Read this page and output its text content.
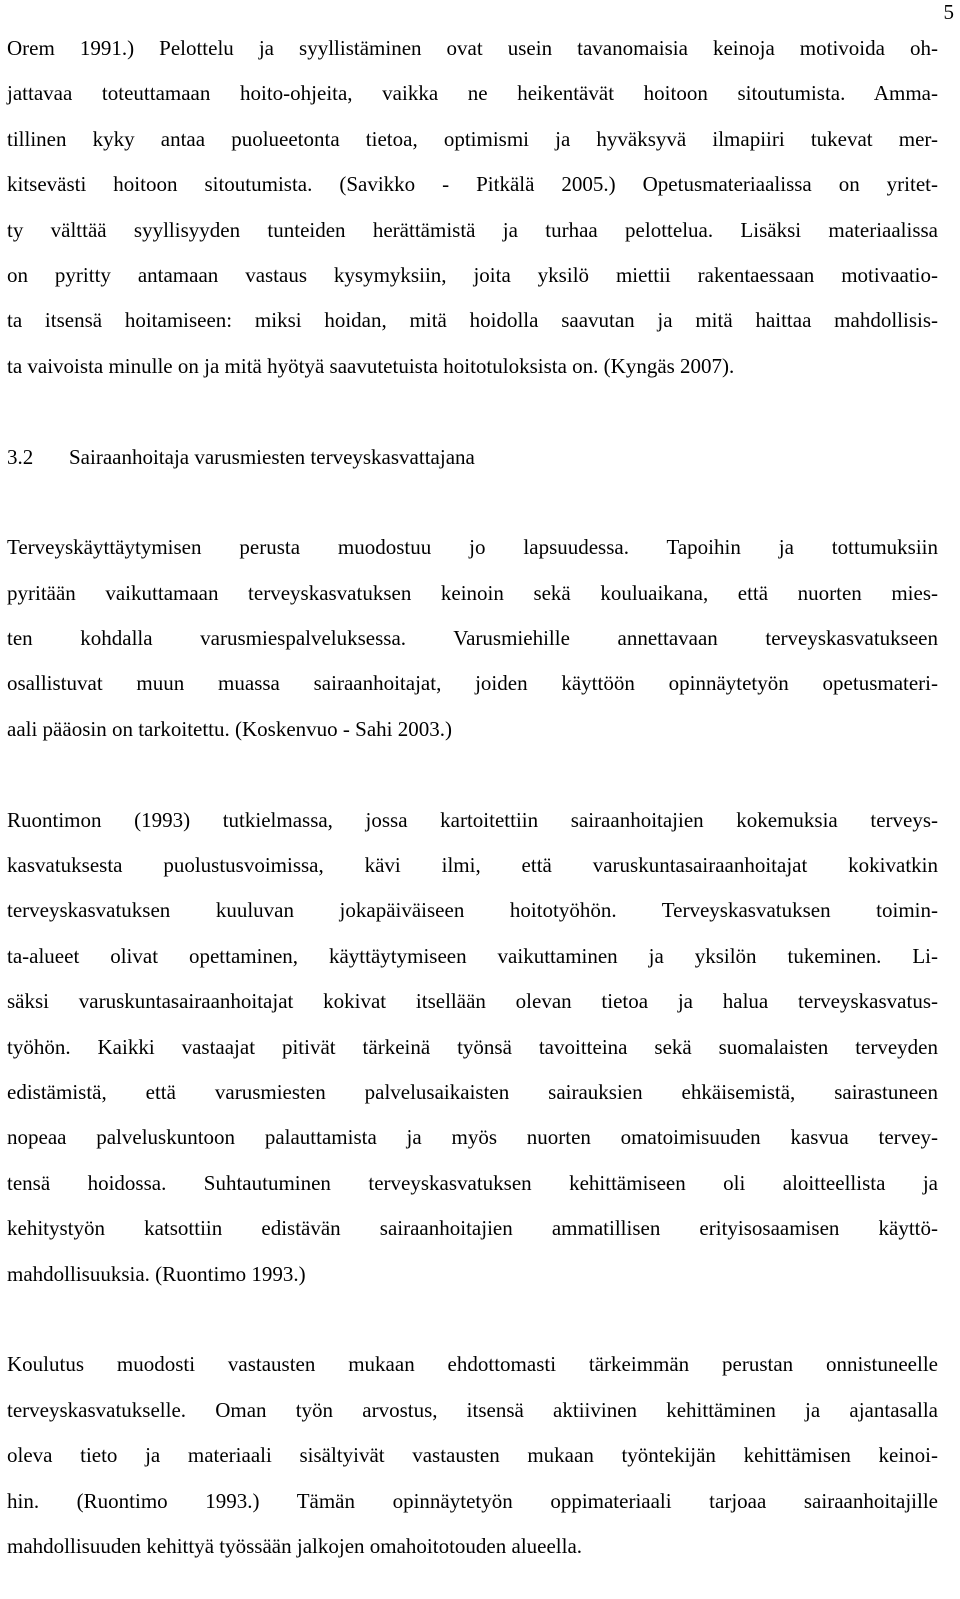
5
Orem 1991.) Pelottelu ja syyllistäminen ovat usein tavanomaisia keinoja motivoida oh-
jattavaa toteuttamaan hoito-ohjeita, vaikka ne heikentävät hoitoon sitoutumista. Amma-
tillinen kyky antaa puolueetonta tietoa, optimismi ja hyväksyvä ilmapiiri tukevat mer-
kitsevästi hoitoon sitoutumista. (Savikko - Pitkälä 2005.) Opetusmateriaalissa on yritet-
ty välttää syyllisyyden tunteiden herättämistä ja turhaa pelottelua. Lisäksi materiaalissa
on pyritty antamaan vastaus kysymyksiin, joita yksilö miettii rakentaessaan motivaatio-
ta itsensä hoitamiseen: miksi hoidan, mitä hoidolla saavutan ja mitä haittaa mahdollisis-
ta vaivoista minulle on ja mitä hyötyä saavutetuista hoitotuloksista on. (Kyngäs 2007).
3.2 Sairaanhoitaja varusmiesten terveyskasvattajana
Terveyskäyttäytymisen perusta muodostuu jo lapsuudessa. Tapoihin ja tottumuksiin
pyritään vaikuttamaan terveyskasvatuksen keinoin sekä kouluaikana, että nuorten mies-
ten kohdalla varusmiespalveluksessa. Varusmiehille annettavaan terveyskasvatukseen
osallistuvat muun muassa sairaanhoitajat, joiden käyttöön opinnäytetyön opetusmateri-
aali pääosin on tarkoitettu. (Koskenvuo - Sahi 2003.)
Ruontimon (1993) tutkielmassa, jossa kartoitettiin sairaanhoitajien kokemuksia terveys-
kasvatuksesta puolustusvoimissa, kävi ilmi, että varuskuntasairaanhoitajat kokivatkin
terveyskasvatuksen kuuluvan jokapäiväiseen hoitotyöhön. Terveyskasvatuksen toimin-
ta-alueet olivat opettaminen, käyttäytymiseen vaikuttaminen ja yksilön tukeminen. Li-
säksi varuskuntasairaanhoitajat kokivat itsellään olevan tietoa ja halua terveyskasvatus-
työhön. Kaikki vastaajat pitivät tärkeinä työnsä tavoitteina sekä suomalaisten terveyden
edistämistä, että varusmiesten palvelusaikaisten sairauksien ehkäisemistä, sairastuneen
nopeaa palveluskuntoon palauttamista ja myös nuorten omatoimisuuden kasvua tervey-
tensä hoidossa. Suhtautuminen terveyskasvatuksen kehittämiseen oli aloitteellista ja
kehitystyön katsottiin edistävän sairaanhoitajien ammatillisen erityisosaamisen käyttö-
mahdollisuuksia. (Ruontimo 1993.)
Koulutus muodosti vastausten mukaan ehdottomasti tärkeimmän perustan onnistuneelle
terveyskasvatukselle. Oman työn arvostus, itsensä aktiivinen kehittäminen ja ajantasalla
oleva tieto ja materiaali sisältyivät vastausten mukaan työntekijän kehittämisen keinoi-
hin. (Ruontimo 1993.) Tämän opinnäytetyön oppimateriaali tarjoaa sairaanhoitajille
mahdollisuuden kehittyä työssään jalkojen omahoitotouden alueella.
